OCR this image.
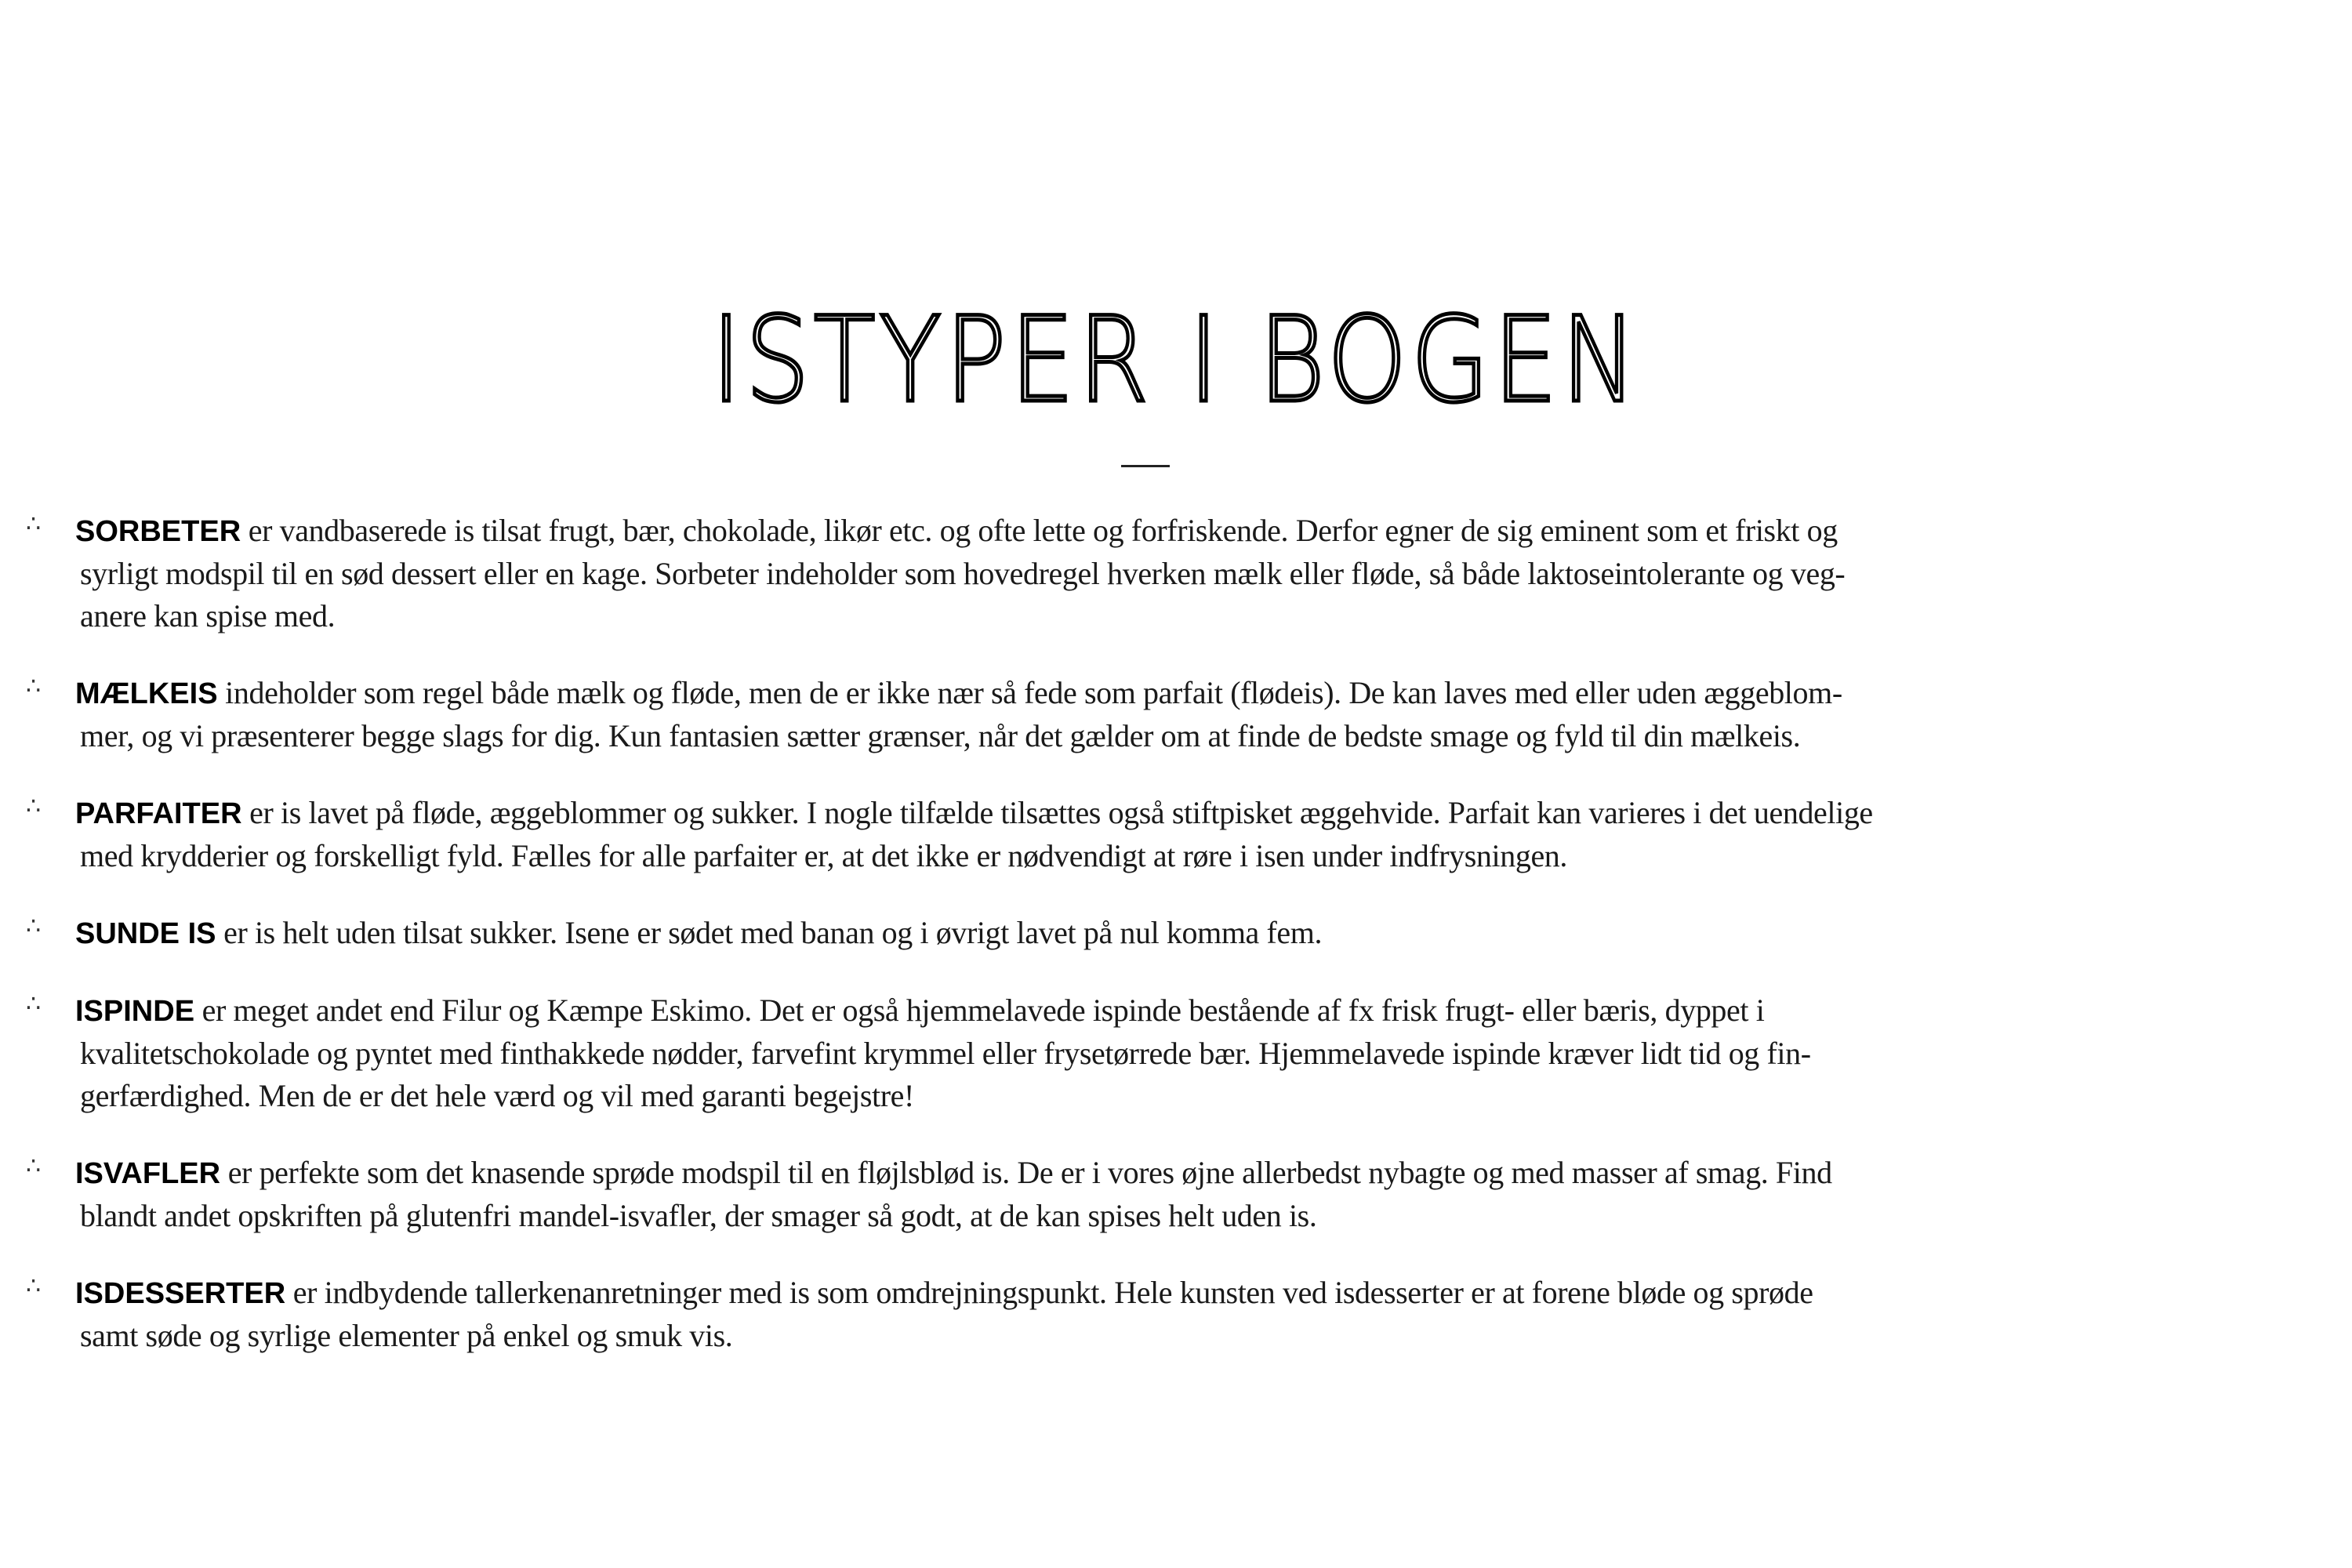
ISTYPER I BOGEN
∴	SORBETER er vandbaserede is tilsat frugt, bær, chokolade, likør etc. og ofte lette og forfriskende. Derfor egner de sig eminent som et friskt og
syrligt modspil til en sød dessert eller en kage. Sorbeter indeholder som hovedregel hverken mælk eller fløde, så både laktoseintolerante og veg-
anere kan spise med.
∴	MÆLKEIS indeholder som regel både mælk og fløde, men de er ikke nær så fede som parfait (flødeis). De kan laves med eller uden æggeblom-
mer, og vi præsenterer begge slags for dig. Kun fantasien sætter grænser, når det gælder om at finde de bedste smage og fyld til din mælkeis.
∴	PARFAITER er is lavet på fløde, æggeblommer og sukker. I nogle tilfælde tilsættes også stiftpisket æggehvide. Parfait kan varieres i det uendelige
med krydderier og forskelligt fyld. Fælles for alle parfaiter er, at det ikke er nødvendigt at røre i isen under indfrysningen.
∴	SUNDE IS er is helt uden tilsat sukker. Isene er sødet med banan og i øvrigt lavet på nul komma fem.
∴	ISPINDE er meget andet end Filur og Kæmpe Eskimo. Det er også hjemmelavede ispinde bestående af fx frisk frugt- eller bæris, dyppet i
kvalitetschokolade og pyntet med finthakkede nødder, farvefint krymmel eller frysetørrede bær. Hjemmelavede ispinde kræver lidt tid og fin-
gerfærdighed. Men de er det hele værd og vil med garanti begejstre!
∴	ISVAFLER er perfekte som det knasende sprøde modspil til en fløjlsblød is. De er i vores øjne allerbedst nybagte og med masser af smag. Find
blandt andet opskriften på glutenfri mandel-isvafler, der smager så godt, at de kan spises helt uden is.
∴	ISDESSERTER er indbydende tallerkenanretninger med is som omdrejningspunkt. Hele kunsten ved isdesserter er at forene bløde og sprøde
samt søde og syrlige elementer på enkel og smuk vis.
